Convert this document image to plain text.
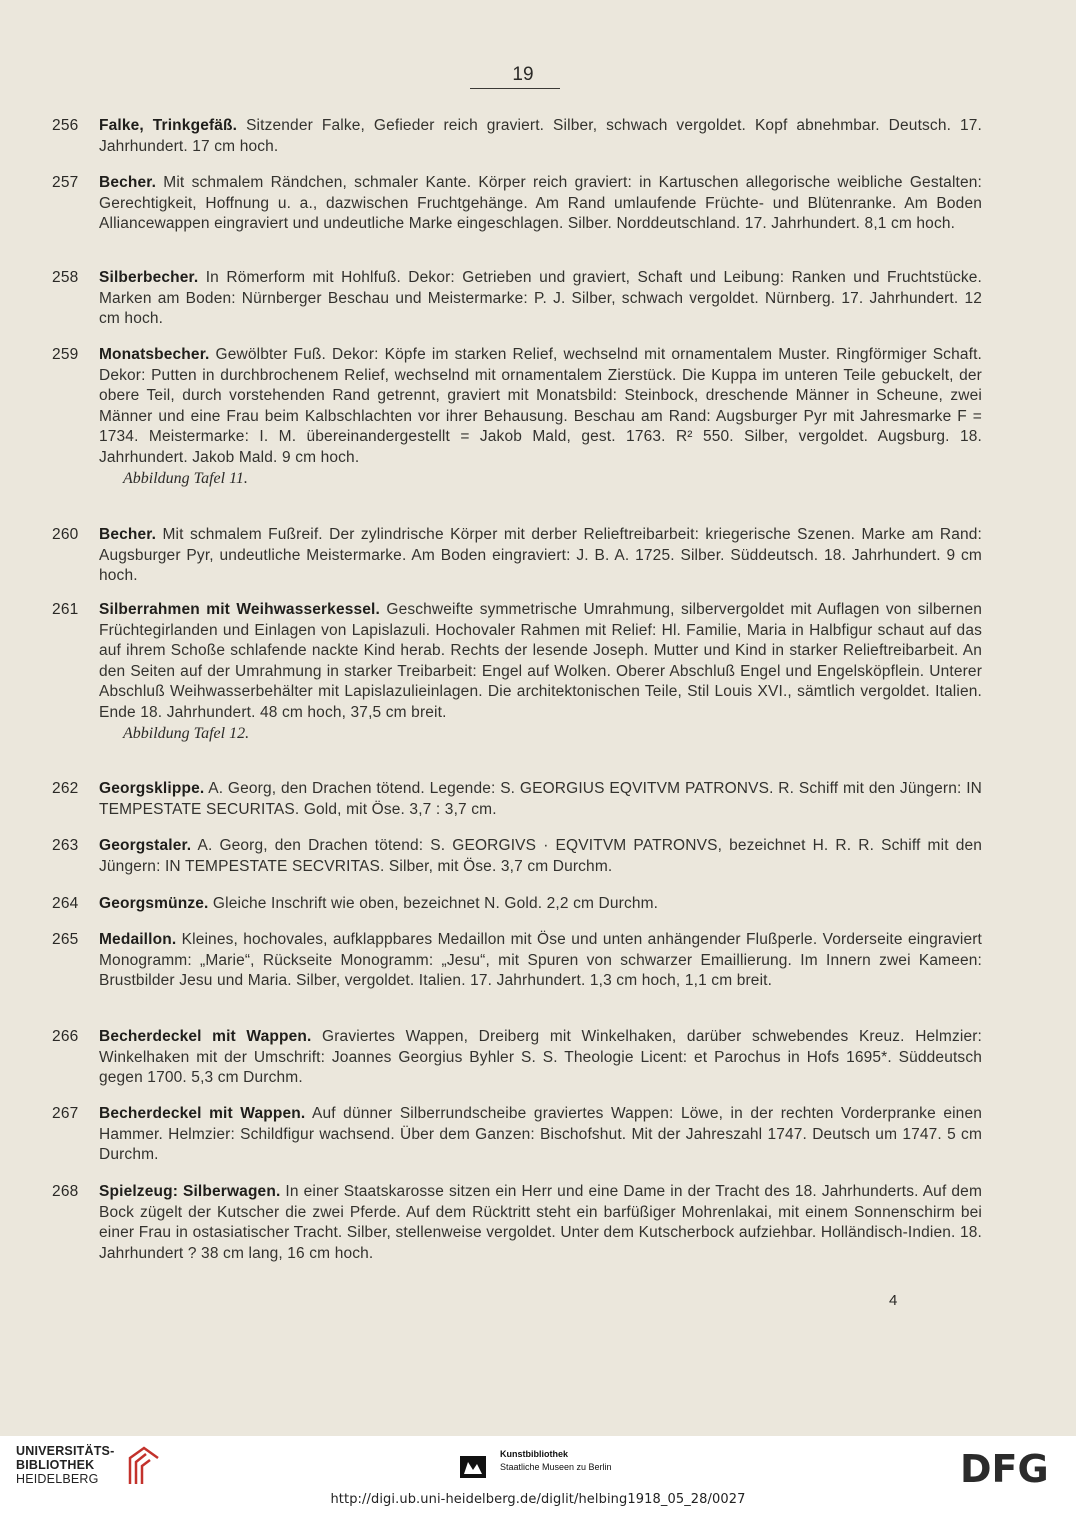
19
256	Falke, Trinkgefäß. Sitzender Falke, Gefieder reich graviert. Silber, schwach vergoldet. Kopf abnehmbar. Deutsch. 17. Jahrhundert. 17 cm hoch.
257	Becher. Mit schmalem Rändchen, schmaler Kante. Körper reich graviert: in Kartuschen allegorische weibliche Gestalten: Gerechtigkeit, Hoffnung u. a., dazwischen Fruchtgehänge. Am Rand umlaufende Früchte- und Blütenranke. Am Boden Alliancewappen eingraviert und undeutliche Marke eingeschlagen. Silber. Norddeutschland. 17. Jahrhundert. 8,1 cm hoch.
258	Silberbecher. In Römerform mit Hohlfuß. Dekor: Getrieben und graviert, Schaft und Leibung: Ranken und Fruchtstücke. Marken am Boden: Nürnberger Beschau und Meistermarke: P. J. Silber, schwach vergoldet. Nürnberg. 17. Jahrhundert. 12 cm hoch.
259	Monatsbecher. Gewölbter Fuß. Dekor: Köpfe im starken Relief, wechselnd mit ornamentalem Muster. Ringförmiger Schaft. Dekor: Putten in durchbrochenem Relief, wechselnd mit ornamentalem Zierstück. Die Kuppa im unteren Teile gebuckelt, der obere Teil, durch vorstehenden Rand getrennt, graviert mit Monatsbild: Steinbock, dreschende Männer in Scheune, zwei Männer und eine Frau beim Kalbschlachten vor ihrer Behausung. Beschau am Rand: Augsburger Pyr mit Jahresmarke F = 1734. Meistermarke: I. M. übereinandergestellt = Jakob Mald, gest. 1763. R² 550. Silber, vergoldet. Augsburg. 18. Jahrhundert. Jakob Mald. 9 cm hoch.
Abbildung Tafel 11.
260	Becher. Mit schmalem Fußreif. Der zylindrische Körper mit derber Relieftreibarbeit: kriegerische Szenen. Marke am Rand: Augsburger Pyr, undeutliche Meistermarke. Am Boden eingraviert: J. B. A. 1725. Silber. Süddeutsch. 18. Jahrhundert. 9 cm hoch.
261	Silberrahmen mit Weihwasserkessel. Geschweifte symmetrische Umrahmung, silbervergoldet mit Auflagen von silbernen Früchtegirlanden und Einlagen von Lapislazuli. Hochovaler Rahmen mit Relief: Hl. Familie, Maria in Halbfigur schaut auf das auf ihrem Schoße schlafende nackte Kind herab. Rechts der lesende Joseph. Mutter und Kind in starker Relieftreibarbeit. An den Seiten auf der Umrahmung in starker Treibarbeit: Engel auf Wolken. Oberer Abschluß Engel und Engelsköpflein. Unterer Abschluß Weihwasserbehälter mit Lapislazulieinlagen. Die architektonischen Teile, Stil Louis XVI., sämtlich vergoldet. Italien. Ende 18. Jahrhundert. 48 cm hoch, 37,5 cm breit.
Abbildung Tafel 12.
262	Georgsklippe. A. Georg, den Drachen tötend. Legende: S. GEORGIUS EQVITVM PATRONVS. R. Schiff mit den Jüngern: IN TEMPESTATE SECURITAS. Gold, mit Öse. 3,7 : 3,7 cm.
263	Georgstaler. A. Georg, den Drachen tötend: S. GEORGIVS · EQVITVM PATRONVS, bezeichnet H. R. R. Schiff mit den Jüngern: IN TEMPESTATE SECVRITAS. Silber, mit Öse. 3,7 cm Durchm.
264	Georgsmünze. Gleiche Inschrift wie oben, bezeichnet N. Gold. 2,2 cm Durchm.
265	Medaillon. Kleines, hochovales, aufklappbares Medaillon mit Öse und unten anhängender Flußperle. Vorderseite eingraviert Monogramm: „Marie“, Rückseite Monogramm: „Jesu“, mit Spuren von schwarzer Emaillierung. Im Innern zwei Kameen: Brustbilder Jesu und Maria. Silber, vergoldet. Italien. 17. Jahrhundert. 1,3 cm hoch, 1,1 cm breit.
266	Becherdeckel mit Wappen. Graviertes Wappen, Dreiberg mit Winkelhaken, darüber schwebendes Kreuz. Helmzier: Winkelhaken mit der Umschrift: Joannes Georgius Byhler S. S. Theologie Licent: et Parochus in Hofs 1695*. Süddeutsch gegen 1700. 5,3 cm Durchm.
267	Becherdeckel mit Wappen. Auf dünner Silberrundscheibe graviertes Wappen: Löwe, in der rechten Vorderpranke einen Hammer. Helmzier: Schildfigur wachsend. Über dem Ganzen: Bischofshut. Mit der Jahreszahl 1747. Deutsch um 1747. 5 cm Durchm.
268	Spielzeug: Silberwagen. In einer Staatskarosse sitzen ein Herr und eine Dame in der Tracht des 18. Jahrhunderts. Auf dem Bock zügelt der Kutscher die zwei Pferde. Auf dem Rücktritt steht ein barfüßiger Mohrenlakai, mit einem Sonnenschirm bei einer Frau in ostasiatischer Tracht. Silber, stellenweise vergoldet. Unter dem Kutscherbock aufziehbar. Holländisch-Indien. 18. Jahrhundert ? 38 cm lang, 16 cm hoch.
4
UNIVERSITÄTS-
BIBLIOTHEK
HEIDELBERG
Kunstbibliothek
Staatliche Museen zu Berlin	DFG
http://digi.ub.uni-heidelberg.de/diglit/helbing1918_05_28/0027
